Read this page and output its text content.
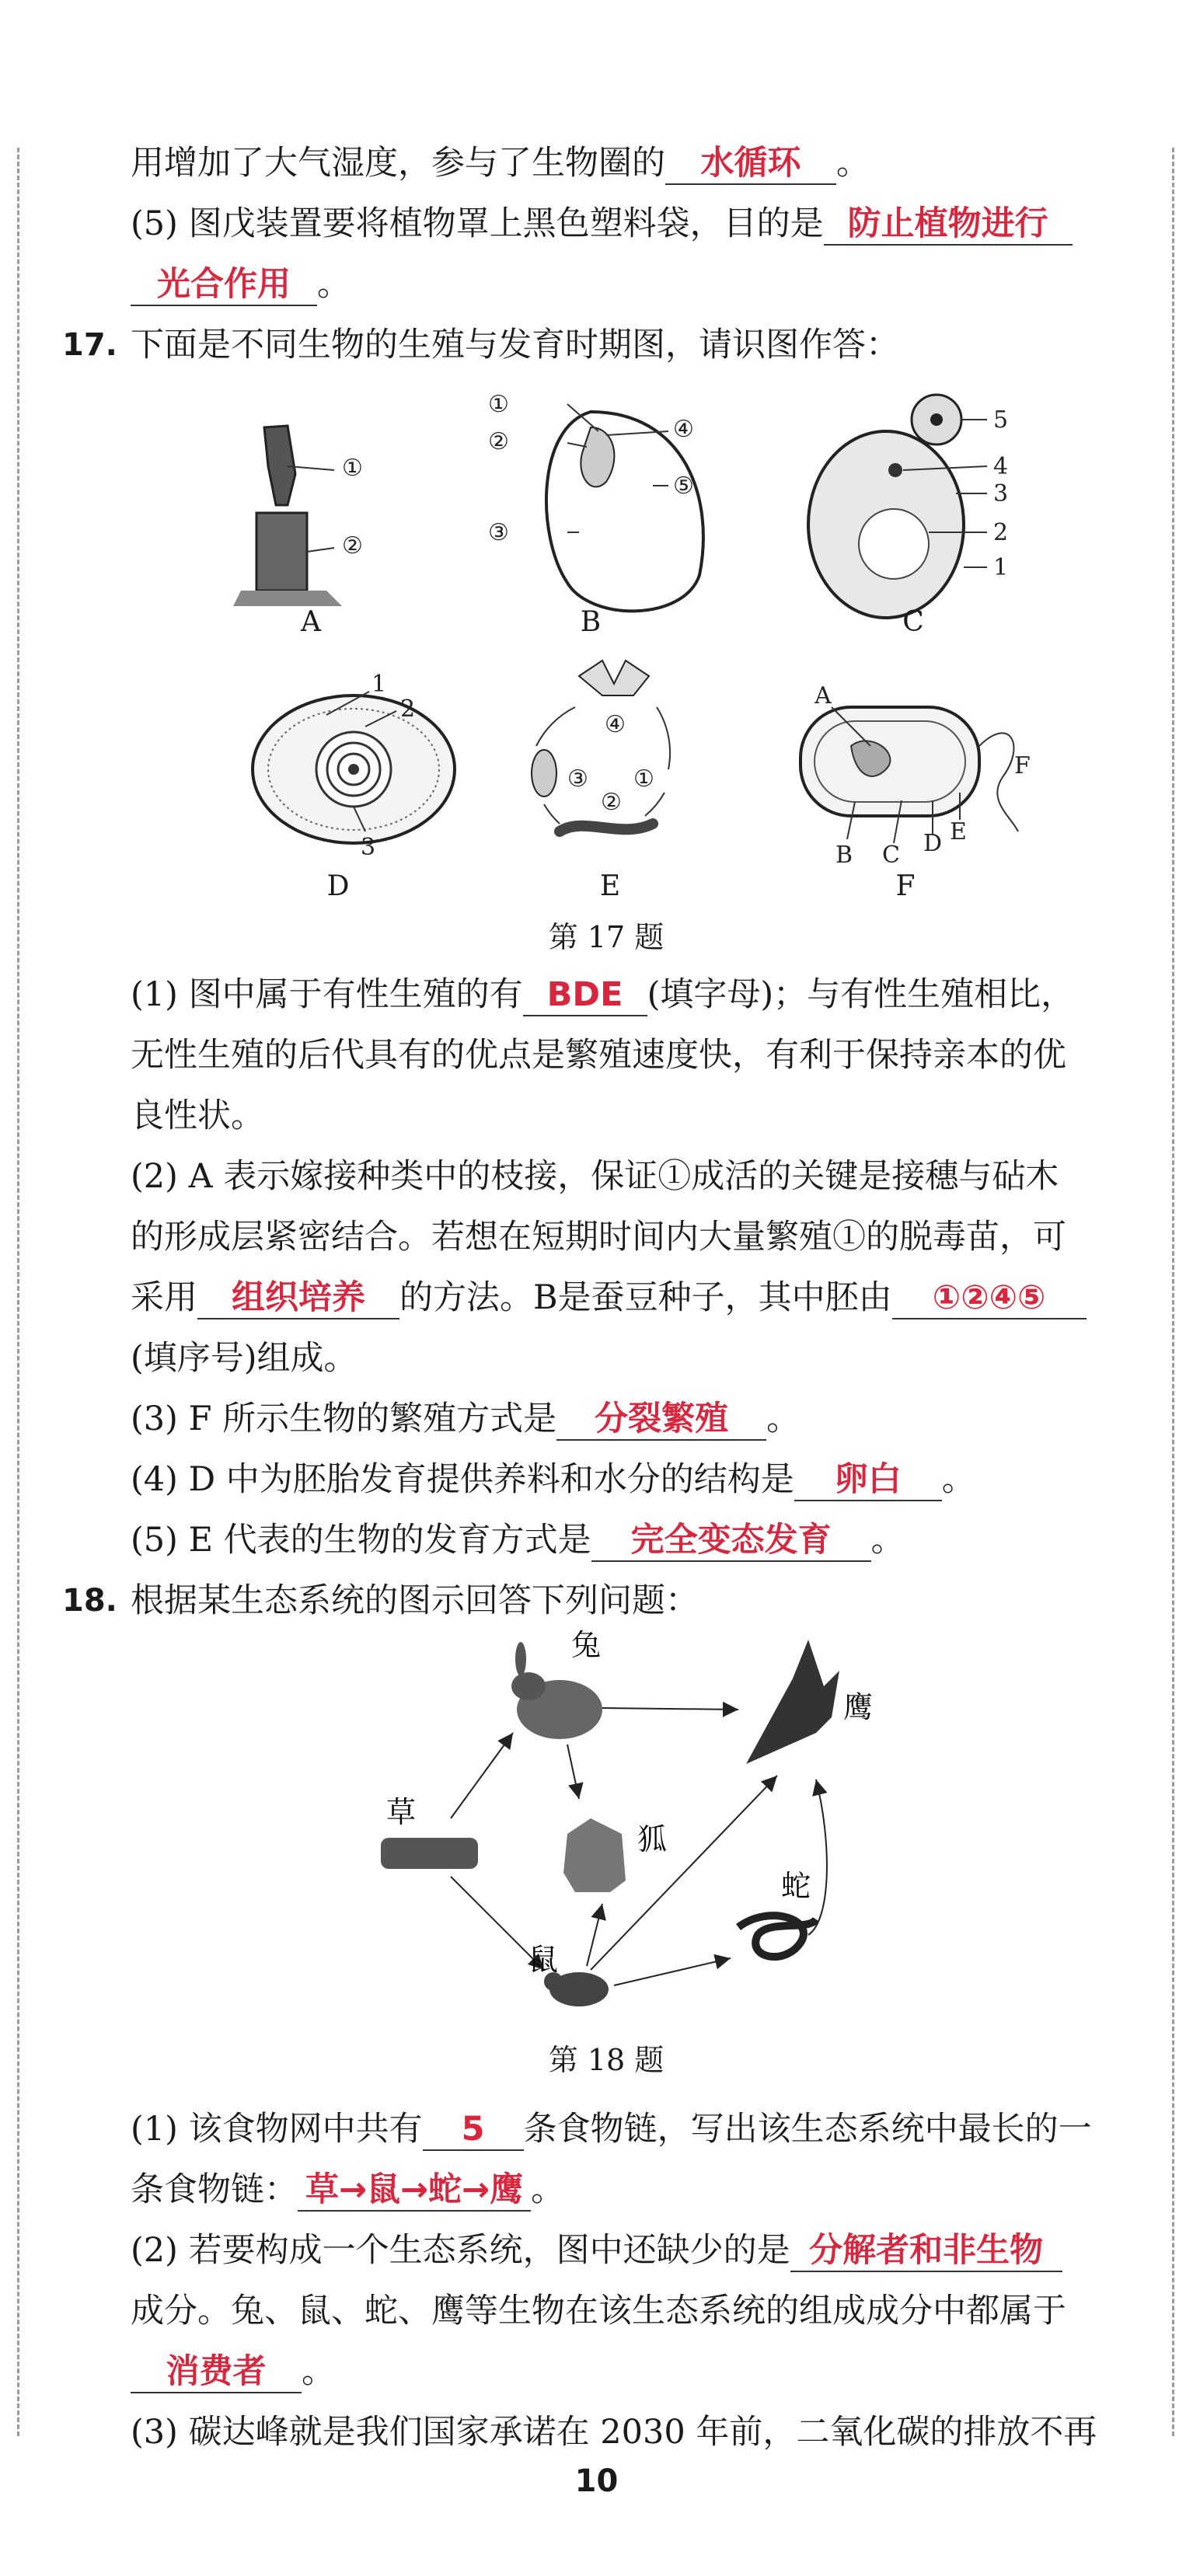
用增加了大气湿度，参与了生物圈的 水循环 。
(5) 图戊装置要将植物罩上黑色塑料袋，目的是 防止植物进行
光合作用 。
17. 下面是不同生物的生殖与发育时期图，请识图作答：
①
②
①
②
③
④
⑤
5
4
3
2
1
1
2
3
④
③
②
①
A
B C D E
F
A	B	C
D	E	F
第 17 题
(1) 图中属于有性生殖的有 BDE (填字母)；与有性生殖相比，
无性生殖的后代具有的优点是繁殖速度快，有利于保持亲本的优
良性状。
(2) A 表示嫁接种类中的枝接，保证①成活的关键是接穗与砧木
的形成层紧密结合。若想在短期时间内大量繁殖①的脱毒苗，可
采用 组织培养 的方法。B是蚕豆种子，其中胚由 ①②④⑤
(填序号)组成。
(3) F 所示生物的繁殖方式是 分裂繁殖 。
(4) D 中为胚胎发育提供养料和水分的结构是 卵白 。
(5) E 代表的生物的发育方式是 完全变态发育 。
18. 根据某生态系统的图示回答下列问题：
兔
鹰
草
狐
蛇
鼠
第 18 题
(1) 该食物网中共有 5 条食物链，写出该生态系统中最长的一
条食物链： 草→鼠→蛇→鹰 。
(2) 若要构成一个生态系统，图中还缺少的是 分解者和非生物
成分。兔、鼠、蛇、鹰等生物在该生态系统的组成成分中都属于
消费者 。
(3) 碳达峰就是我们国家承诺在 2030 年前，二氧化碳的排放不再
10
